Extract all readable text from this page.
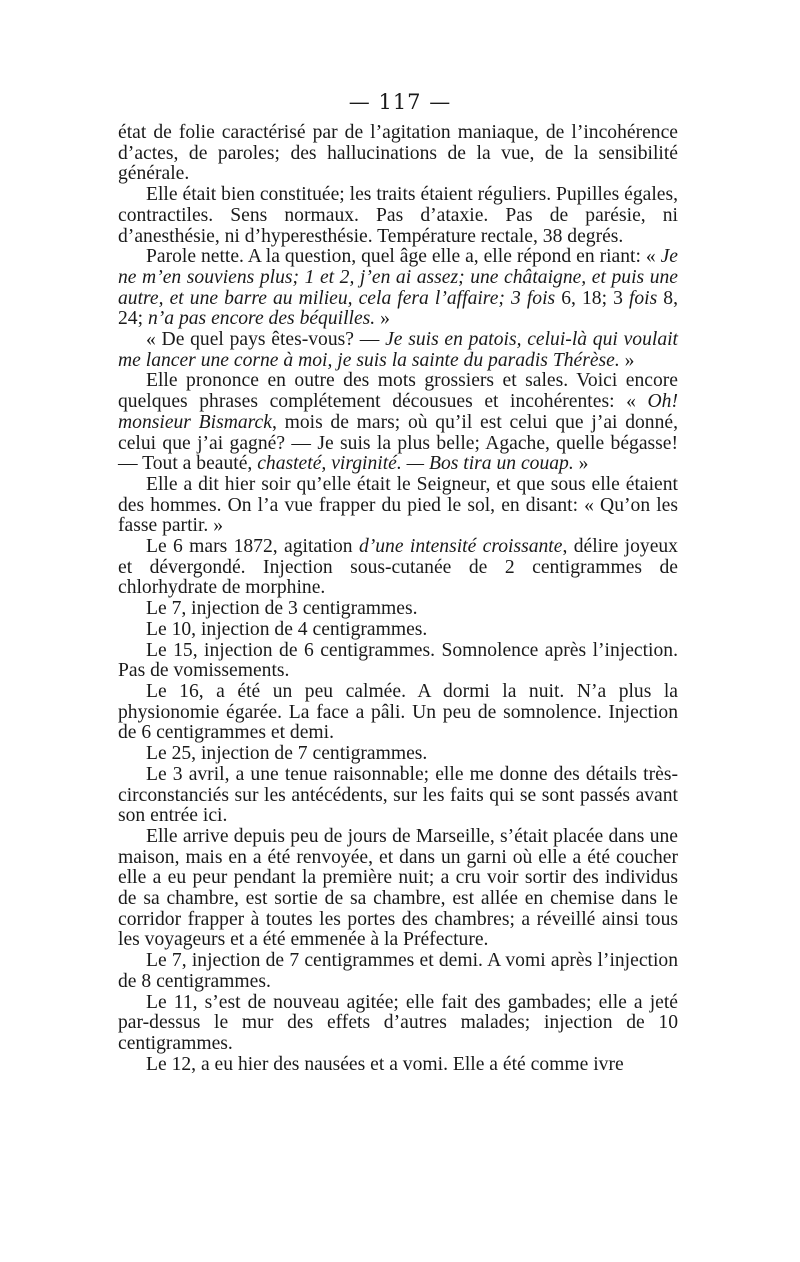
— 117 —

état de folie caractérisé par de l’agitation maniaque, de l’incohérence d’actes, de paroles; des hallucinations de la vue, de la sensibilité générale.

Elle était bien constituée; les traits étaient réguliers. Pupilles égales, contractiles. Sens normaux. Pas d’ataxie. Pas de parésie, ni d’anesthésie, ni d’hyperesthésie. Température rectale, 38 degrés.

Parole nette. A la question, quel âge elle a, elle répond en riant: « Je ne m’en souviens plus; 1 et 2, j’en ai assez; une châtaigne, et puis une autre, et une barre au milieu, cela fera l’affaire; 3 fois 6, 18; 3 fois 8, 24; n’a pas encore des béquilles. »

« De quel pays êtes-vous? — Je suis en patois, celui-là qui voulait me lancer une corne à moi, je suis la sainte du paradis Thérèse. »

Elle prononce en outre des mots grossiers et sales. Voici encore quelques phrases complétement décousues et incohérentes: « Oh! monsieur Bismarck, mois de mars; où qu’il est celui que j’ai donné, celui que j’ai gagné? — Je suis la plus belle; Agache, quelle bégasse! — Tout a beauté, chasteté, virginité. — Bos tira un couap. »

Elle a dit hier soir qu’elle était le Seigneur, et que sous elle étaient des hommes. On l’a vue frapper du pied le sol, en disant: « Qu’on les fasse partir. »

Le 6 mars 1872, agitation d’une intensité croissante, délire joyeux et dévergondé. Injection sous-cutanée de 2 centigrammes de chlorhydrate de morphine.

Le 7, injection de 3 centigrammes.

Le 10, injection de 4 centigrammes.

Le 15, injection de 6 centigrammes. Somnolence après l’injection. Pas de vomissements.

Le 16, a été un peu calmée. A dormi la nuit. N’a plus la physionomie égarée. La face a pâli. Un peu de somnolence. Injection de 6 centigrammes et demi.

Le 25, injection de 7 centigrammes.

Le 3 avril, a une tenue raisonnable; elle me donne des détails très-circonstanciés sur les antécédents, sur les faits qui se sont passés avant son entrée ici.

Elle arrive depuis peu de jours de Marseille, s’était placée dans une maison, mais en a été renvoyée, et dans un garni où elle a été coucher elle a eu peur pendant la première nuit; a cru voir sortir des individus de sa chambre, est sortie de sa chambre, est allée en chemise dans le corridor frapper à toutes les portes des chambres; a réveillé ainsi tous les voyageurs et a été emmenée à la Préfecture.

Le 7, injection de 7 centigrammes et demi. A vomi après l’injection de 8 centigrammes.

Le 11, s’est de nouveau agitée; elle fait des gambades; elle a jeté par-dessus le mur des effets d’autres malades; injection de 10 centigrammes.

Le 12, a eu hier des nausées et a vomi. Elle a été comme ivre
